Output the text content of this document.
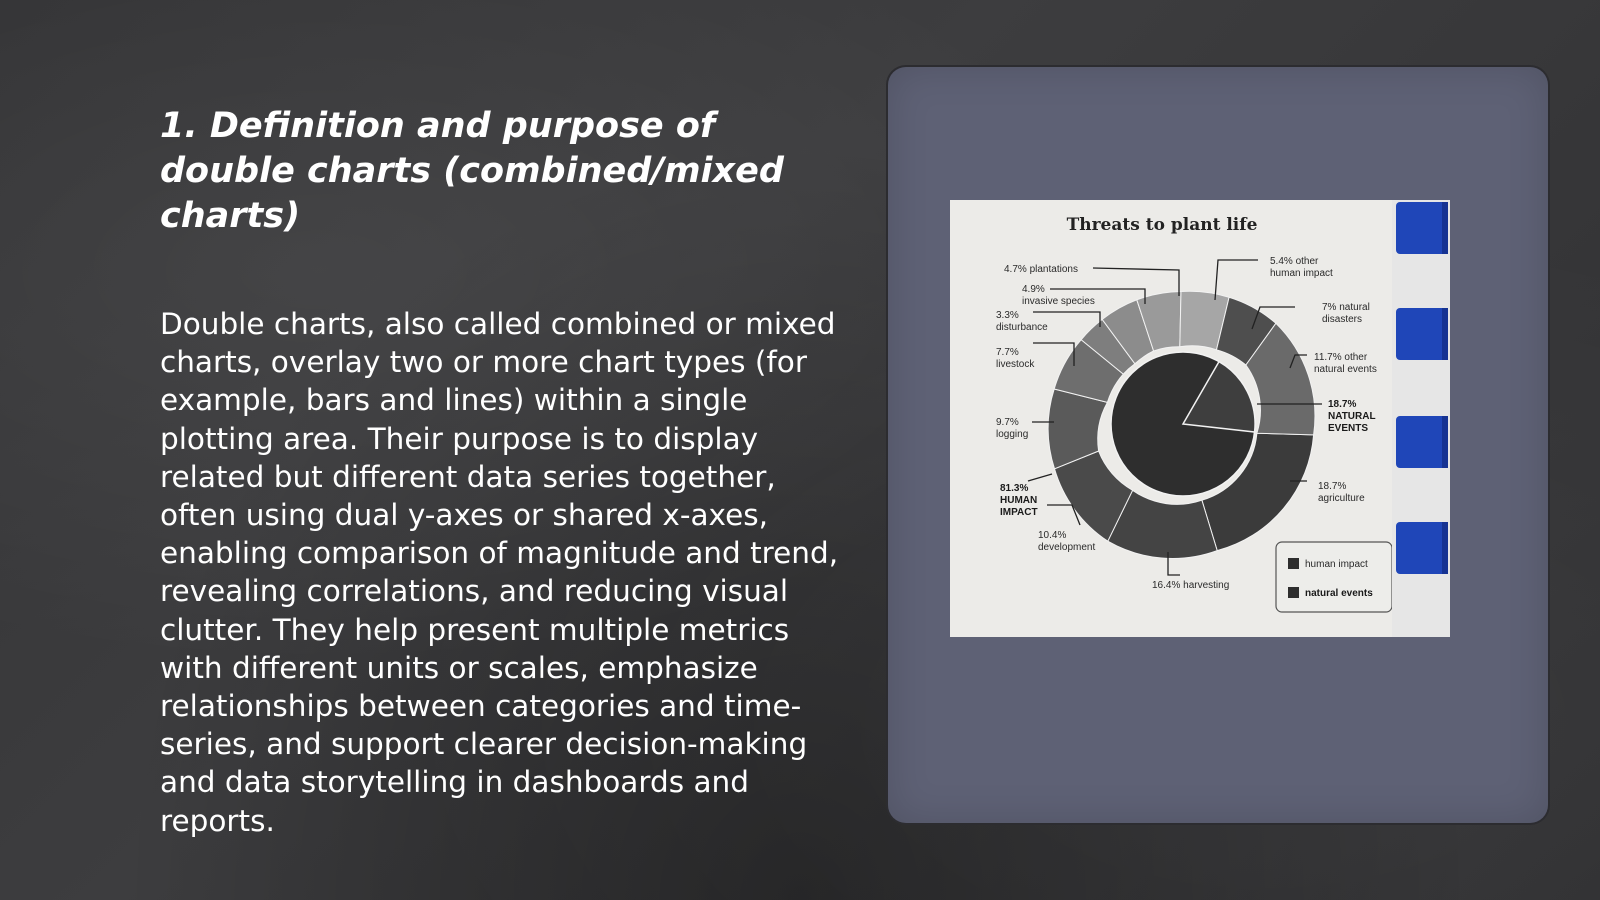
1. Definition and purpose of double charts (combined/mixed charts)

Double charts, also called combined or mixed charts, overlay two or more chart types (for example, bars and lines) within a single plotting area. Their purpose is to display related but different data series together, often using dual y-axes or shared x-axes, enabling comparison of magnitude and trend, revealing correlations, and reducing visual clutter. They help present multiple metrics with different units or scales, emphasize relationships between categories and time-series, and support clearer decision-making and data storytelling in dashboards and reports.

Threats to plant life
4.7% plantations
4.9%
invasive species
3.3%
disturbance
7.7%
livestock
9.7%
logging
81.3%
HUMAN
IMPACT
10.4%
development
16.4% harvesting
5.4% other
human impact
7% natural
disasters
11.7% other
natural events
18.7%
NATURAL
EVENTS
18.7%
agriculture
human impact
natural events
